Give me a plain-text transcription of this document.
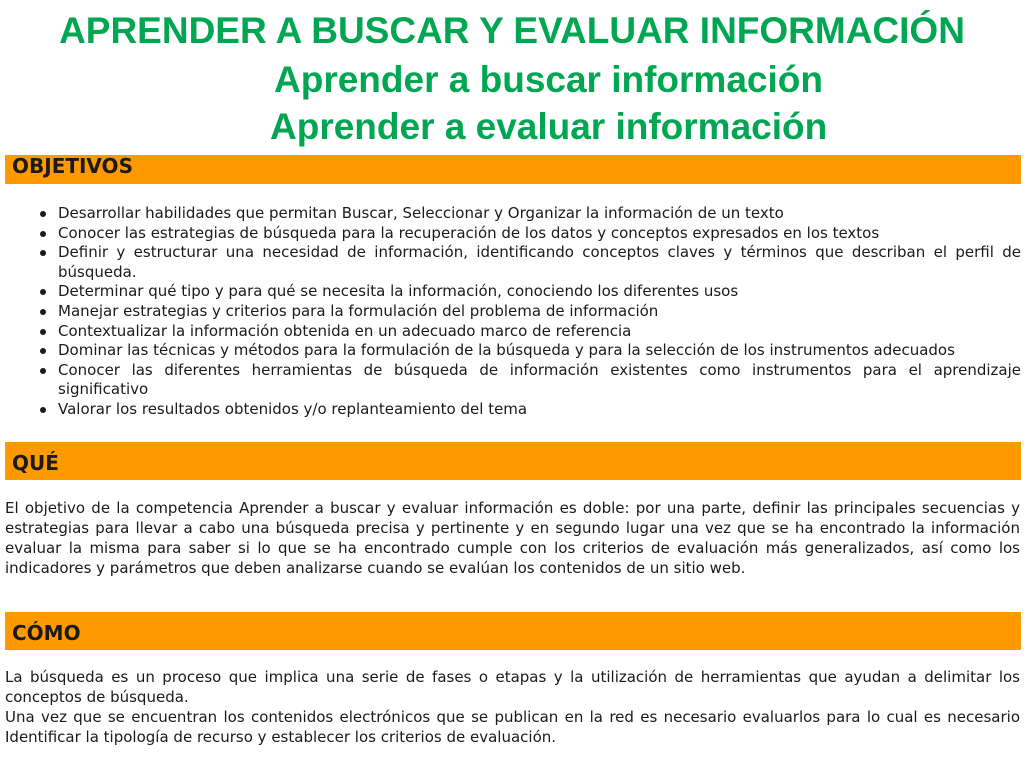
APRENDER A BUSCAR Y EVALUAR INFORMACIÓN
Aprender a buscar información
Aprender a evaluar información
OBJETIVOS
Desarrollar habilidades que permitan Buscar, Seleccionar y Organizar la información de un texto
Conocer las estrategias de búsqueda para la recuperación de los datos y conceptos expresados en los textos
Definir y estructurar una necesidad de información, identificando conceptos claves y términos que describan el perfil de búsqueda.
Determinar qué tipo y para qué se necesita la información, conociendo los diferentes usos
Manejar estrategias y criterios para la formulación del problema de información
Contextualizar la información obtenida en un adecuado marco de referencia
Dominar las técnicas y métodos para la formulación de la búsqueda y para la selección de los instrumentos adecuados
Conocer las diferentes herramientas de búsqueda de información existentes como instrumentos para el aprendizaje significativo
Valorar los resultados obtenidos y/o replanteamiento del tema
QUÉ

El objetivo de la competencia Aprender a buscar y evaluar información es doble: por una parte, definir las principales secuencias y estrategias para llevar a cabo una búsqueda precisa y pertinente y en segundo lugar una vez que se ha encontrado la información evaluar la misma para saber si lo que se ha encontrado cumple con los criterios de evaluación más generalizados, así como los indicadores y parámetros que deben analizarse cuando se evalúan los contenidos de un sitio web.

CÓMO

La búsqueda es un proceso que implica una serie de fases o etapas y la utilización de herramientas que ayudan a delimitar los conceptos de búsqueda.

Una vez que se encuentran los contenidos electrónicos que se publican en la red es necesario evaluarlos para lo cual es necesario Identificar la tipología de recurso y establecer los criterios de evaluación.
